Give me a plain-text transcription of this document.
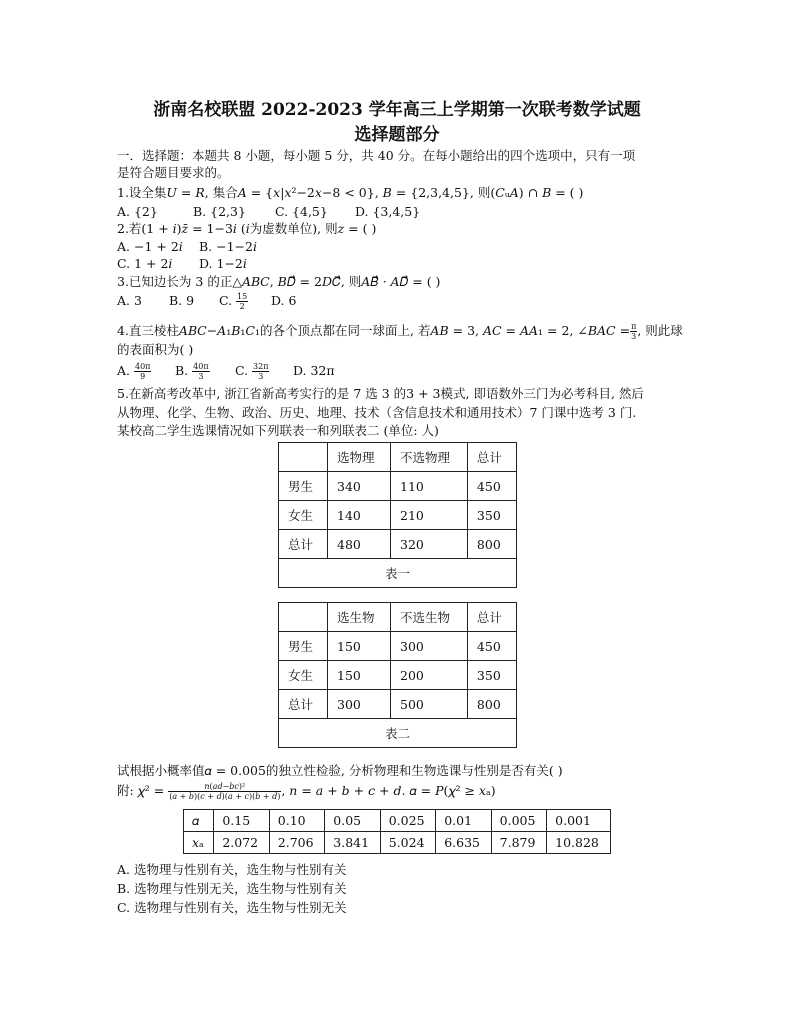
浙南名校联盟 2022-2023 学年高三上学期第一次联考数学试题
选择题部分
一．选择题：本题共 8 小题，每小题 5 分，共 40 分。在每小题给出的四个选项中，只有一项
是符合题目要求的。
1.设全集𝑈 = 𝑅, 集合𝐴 = {𝑥|𝑥²−2𝑥−8 < 0}, 𝐵 = {2,3,4,5}, 则(𝐶ᵤ𝐴) ∩ 𝐵 = ( )
A. {2}	B. {2,3} C. {4,5} D. {3,4,5}
2.若(1 + 𝑖)𝑧̄ = 1−3𝑖 (𝑖为虚数单位), 则𝑧 = ( )
A. −1 + 2𝑖 B. −1−2𝑖
C. 1 + 2𝑖 D. 1−2𝑖
3.已知边长为 3 的正△𝐴𝐵𝐶, 𝐵𝐷⃗ = 2𝐷𝐶⃗, 则𝐴𝐵⃗ · 𝐴𝐷⃗ = ( )
A. 3 B. 9 C. $\frac{15}{2} D$. 6
4.直三棱柱𝐴𝐵𝐶−𝐴₁𝐵₁𝐶₁的各个顶点都在同一球面上, 若𝐴𝐵 = 3, 𝐴𝐶 = 𝐴𝐴₁ = 2, ∠𝐵𝐴𝐶 = $\frac{\pi}{3}$ , 则此球
的表面积为( )
A. $\frac{40\pi}{9} B$. $\frac{40\pi}{3} C$. $\frac{32\pi}{3} D$. 32π
5.在新高考改革中, 浙江省新高考实行的是 7 选 3 的3 + 3模式, 即语数外三门为必考科目, 然后
从物理、化学、生物、政治、历史、地理、技术（含信息技术和通用技术）7 门课中选考 3 门.
某校高二学生选课情况如下列联表一和列联表二 (单位: 人)
	选物理	不选物理	总计
男生	340	110	450
女生	140	210	350
总计	480	320	800
表一			
	选生物	不选生物	总计
男生	150	300	450
女生	150	200	350
总计	300	500	800
表二			
试根据小概率值𝛼 = 0.005的独立性检验, 分析物理和生物选课与性别是否有关( )
附: 𝜒² = $\frac{\text{𝑛(𝑎𝑑−𝑏𝑐)²}}{\text{(𝑎 + 𝑏)(𝑐 + 𝑑)(𝑎 + 𝑐)(𝑏 + 𝑑)}}$ , 𝑛 = 𝑎 + 𝑏 + 𝑐 + 𝑑. 𝛼 = 𝑃(𝜒² ≥ 𝑥ₐ)
𝛼	0.15	0.10	0.05	0.025	0.01	0.005	0.001
𝑥ₐ	2.072	2.706	3.841	5.024	6.635	7.879	10.828
A. 选物理与性别有关，选生物与性别有关
B. 选物理与性别无关，选生物与性别有关
C. 选物理与性别有关，选生物与性别无关
